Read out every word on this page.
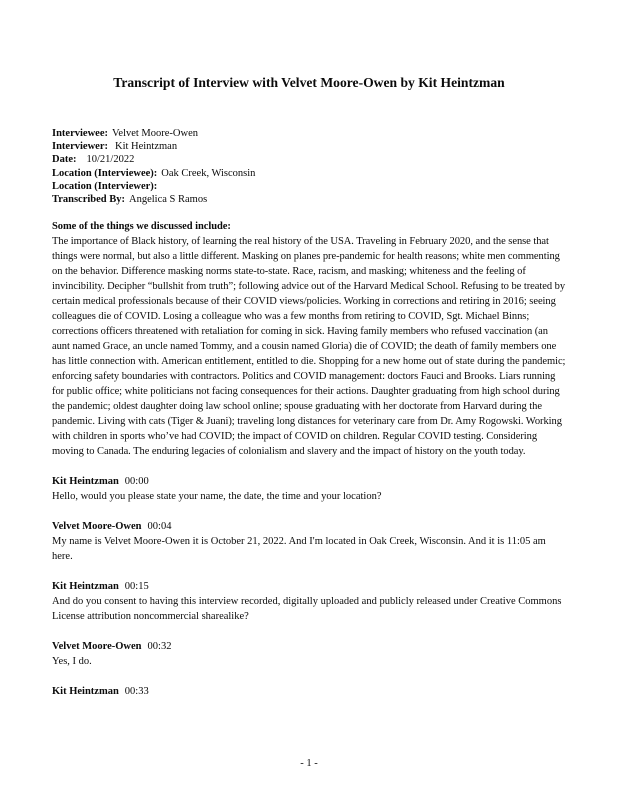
Transcript of Interview with Velvet Moore-Owen by Kit Heintzman
Interviewee: Velvet Moore-Owen
Interviewer: Kit Heintzman
Date: 10/21/2022
Location (Interviewee): Oak Creek, Wisconsin
Location (Interviewer):
Transcribed By: Angelica S Ramos
Some of the things we discussed include:
The importance of Black history, of learning the real history of the USA. Traveling in February 2020, and the sense that things were normal, but also a little different. Masking on planes pre-pandemic for health reasons; white men commenting on the behavior. Difference masking norms state-to-state. Race, racism, and masking; whiteness and the feeling of invincibility. Decipher “bullshit from truth”; following advice out of the Harvard Medical School. Refusing to be treated by certain medical professionals because of their COVID views/policies. Working in corrections and retiring in 2016; seeing colleagues die of COVID. Losing a colleague who was a few months from retiring to COVID, Sgt. Michael Binns; corrections officers threatened with retaliation for coming in sick. Having family members who refused vaccination (an aunt named Grace, an uncle named Tommy, and a cousin named Gloria) die of COVID; the death of family members one has little connection with. American entitlement, entitled to die. Shopping for a new home out of state during the pandemic; enforcing safety boundaries with contractors. Politics and COVID management: doctors Fauci and Brooks. Liars running for public office; white politicians not facing consequences for their actions. Daughter graduating from high school during the pandemic; oldest daughter doing law school online; spouse graduating with her doctorate from Harvard during the pandemic. Living with cats (Tiger & Juani); traveling long distances for veterinary care from Dr. Amy Rogowski. Working with children in sports who’ve had COVID; the impact of COVID on children. Regular COVID testing. Considering moving to Canada. The enduring legacies of colonialism and slavery and the impact of history on the youth today.
Kit Heintzman 00:00
Hello, would you please state your name, the date, the time and your location?
Velvet Moore-Owen 00:04
My name is Velvet Moore-Owen it is October 21, 2022. And I'm located in Oak Creek, Wisconsin. And it is 11:05 am here.
Kit Heintzman 00:15
And do you consent to having this interview recorded, digitally uploaded and publicly released under Creative Commons License attribution noncommercial sharealike?
Velvet Moore-Owen 00:32
Yes, I do.
Kit Heintzman 00:33
- 1 -
